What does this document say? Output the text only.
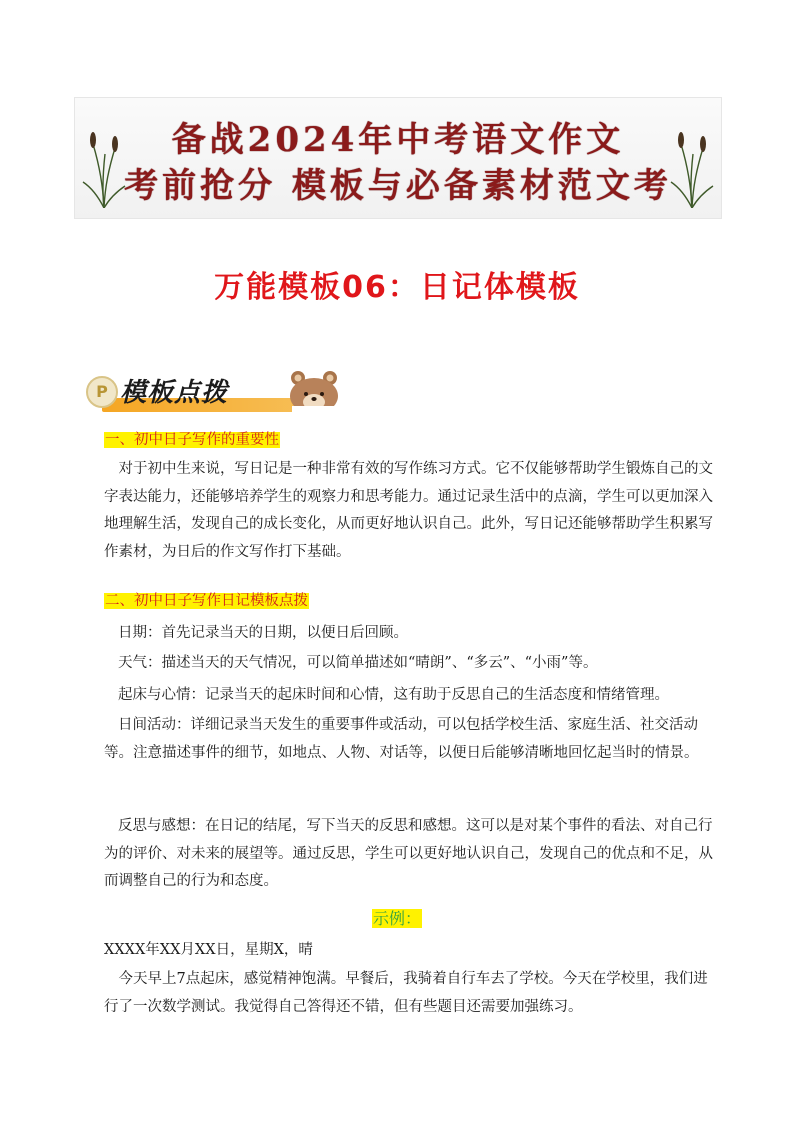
备战2024年中考语文作文
考前抢分 模板与必备素材范文考
万能模板06：日记体模板
P 模板点拨
一、初中日子写作的重要性
对于初中生来说，写日记是一种非常有效的写作练习方式。它不仅能够帮助学生锻炼自己的文字表达能力，还能够培养学生的观察力和思考能力。通过记录生活中的点滴，学生可以更加深入地理解生活，发现自己的成长变化，从而更好地认识自己。此外，写日记还能够帮助学生积累写作素材，为日后的作文写作打下基础。
二、初中日子写作日记模板点拨
日期：首先记录当天的日期，以便日后回顾。
天气：描述当天的天气情况，可以简单描述如“晴朗”、“多云”、“小雨”等。
起床与心情：记录当天的起床时间和心情，这有助于反思自己的生活态度和情绪管理。
日间活动：详细记录当天发生的重要事件或活动，可以包括学校生活、家庭生活、社交活动等。注意描述事件的细节，如地点、人物、对话等，以便日后能够清晰地回忆起当时的情景。
反思与感想：在日记的结尾，写下当天的反思和感想。这可以是对某个事件的看法、对自己行为的评价、对未来的展望等。通过反思，学生可以更好地认识自己，发现自己的优点和不足，从而调整自己的行为和态度。
示例：
XXXX年XX月XX日，星期X，晴
今天早上7点起床，感觉精神饱满。早餐后，我骑着自行车去了学校。今天在学校里，我们进行了一次数学测试。我觉得自己答得还不错，但有些题目还需要加强练习。
